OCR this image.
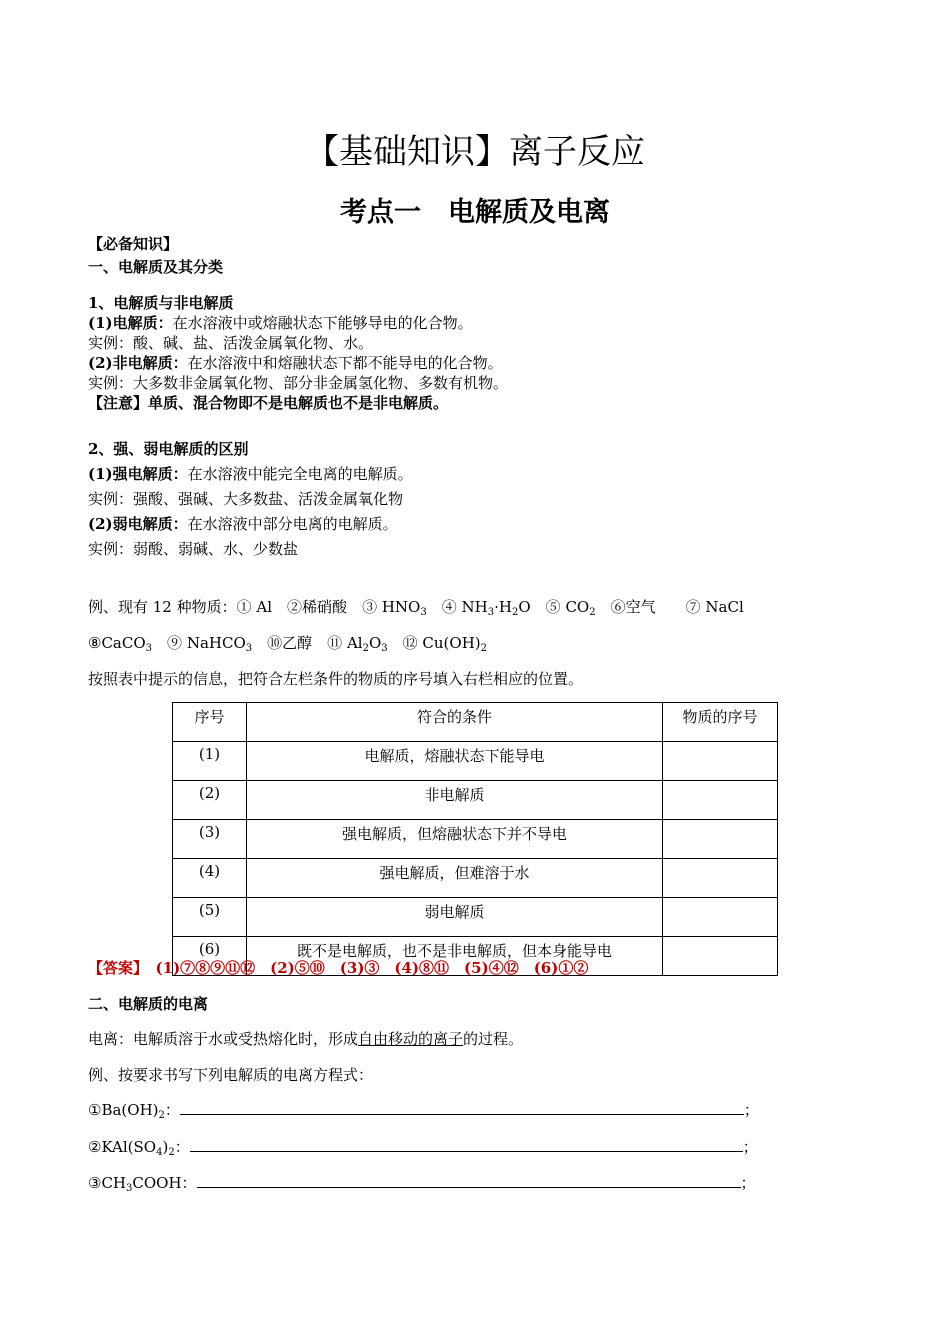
【基础知识】离子反应
考点一　电解质及电离
【必备知识】
一、电解质及其分类
1、电解质与非电解质
(1)电解质：在水溶液中或熔融状态下能够导电的化合物。
实例：酸、碱、盐、活泼金属氧化物、水。
(2)非电解质：在水溶液中和熔融状态下都不能导电的化合物。
实例：大多数非金属氧化物、部分非金属氢化物、多数有机物。
【注意】单质、混合物即不是电解质也不是非电解质。
2、强、弱电解质的区别
(1)强电解质：在水溶液中能完全电离的电解质。
实例：强酸、强碱、大多数盐、活泼金属氧化物
(2)弱电解质：在水溶液中部分电离的电解质。
实例：弱酸、弱碱、水、少数盐
例、现有 12 种物质：① Al　 ②稀硝酸　 ③ $HNO_3$　 ④ $NH_3\cdot H_2O$　 ⑤ $CO_2$　 ⑥空气　　 ⑦ NaCl
⑧CaCO$_3$　 ⑨ NaHCO$_3$　 ⑩乙醇　 ⑪ $Al_2O_3$　 ⑫ $Cu(OH)_2$
按照表中提示的信息，把符合左栏条件的物质的序号填入右栏相应的位置。
序号	符合的条件	物质的序号
(1)	电解质，熔融状态下能导电	
(2)	非电解质	
(3)	强电解质，但熔融状态下并不导电	
(4)	强电解质，但难溶于水	
(5)	弱电解质	
(6)	既不是电解质，也不是非电解质，但本身能导电	
【答案】　 (1)⑦⑧⑨⑪⑫　(2)⑤⑩　(3)③　(4)⑧⑪　(5)④⑫　(6)①②
二、电解质的电离
电离：电解质溶于水或受热熔化时，形成自由移动的离子的过程。
例、按要求书写下列电解质的电离方程式：
$①Ba(OH)_2$：	；
$②KAl(SO_4)_2$：	；
$③CH_3COOH$：	；
